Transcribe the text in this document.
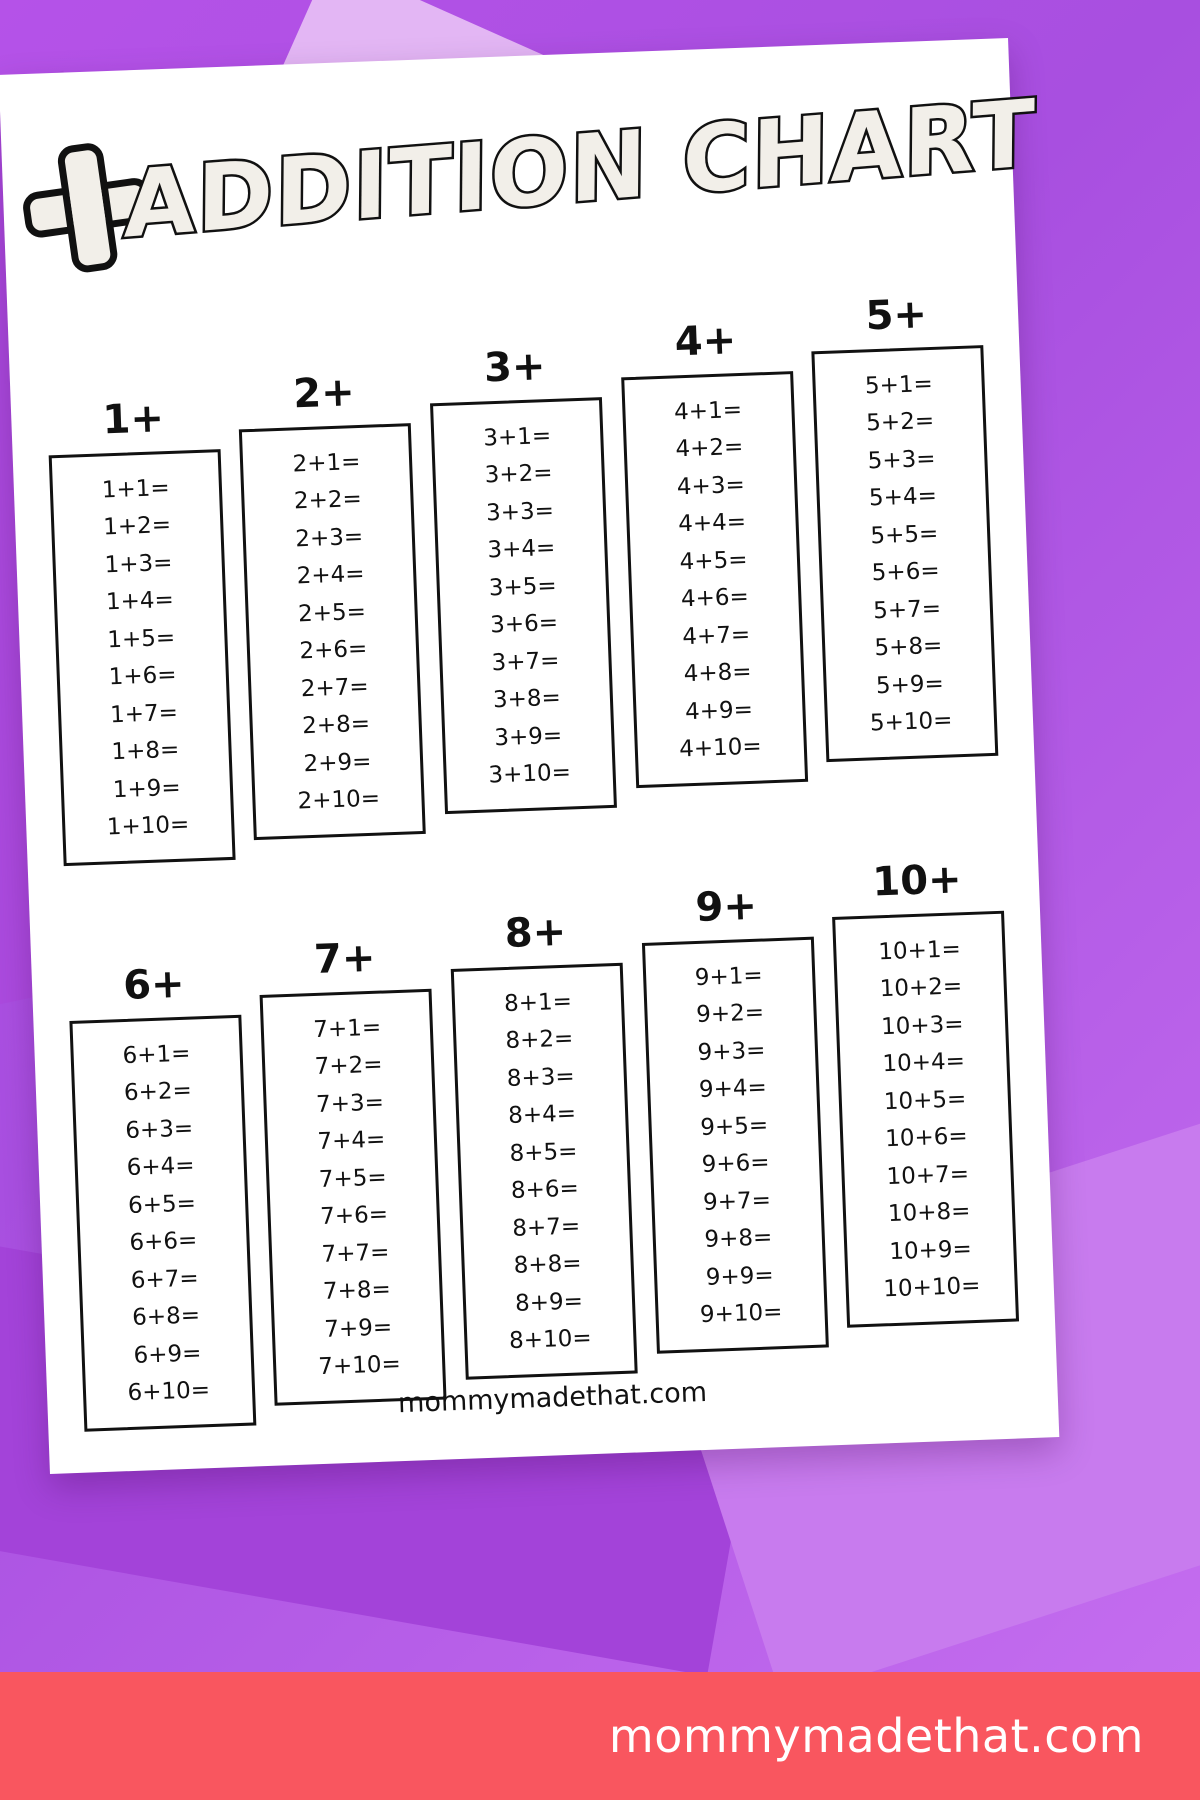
ADDITION CHART
1+
1+1=
1+2=
1+3=
1+4=
1+5=
1+6=
1+7=
1+8=
1+9=
1+10=
2+
2+1=
2+2=
2+3=
2+4=
2+5=
2+6=
2+7=
2+8=
2+9=
2+10=
3+
3+1=
3+2=
3+3=
3+4=
3+5=
3+6=
3+7=
3+8=
3+9=
3+10=
4+
4+1=
4+2=
4+3=
4+4=
4+5=
4+6=
4+7=
4+8=
4+9=
4+10=
5+
5+1=
5+2=
5+3=
5+4=
5+5=
5+6=
5+7=
5+8=
5+9=
5+10=
6+
6+1=
6+2=
6+3=
6+4=
6+5=
6+6=
6+7=
6+8=
6+9=
6+10=
7+
7+1=
7+2=
7+3=
7+4=
7+5=
7+6=
7+7=
7+8=
7+9=
7+10=
8+
8+1=
8+2=
8+3=
8+4=
8+5=
8+6=
8+7=
8+8=
8+9=
8+10=
9+
9+1=
9+2=
9+3=
9+4=
9+5=
9+6=
9+7=
9+8=
9+9=
9+10=
10+
10+1=
10+2=
10+3=
10+4=
10+5=
10+6=
10+7=
10+8=
10+9=
10+10=
mommymadethat.com
mommymadethat.com
